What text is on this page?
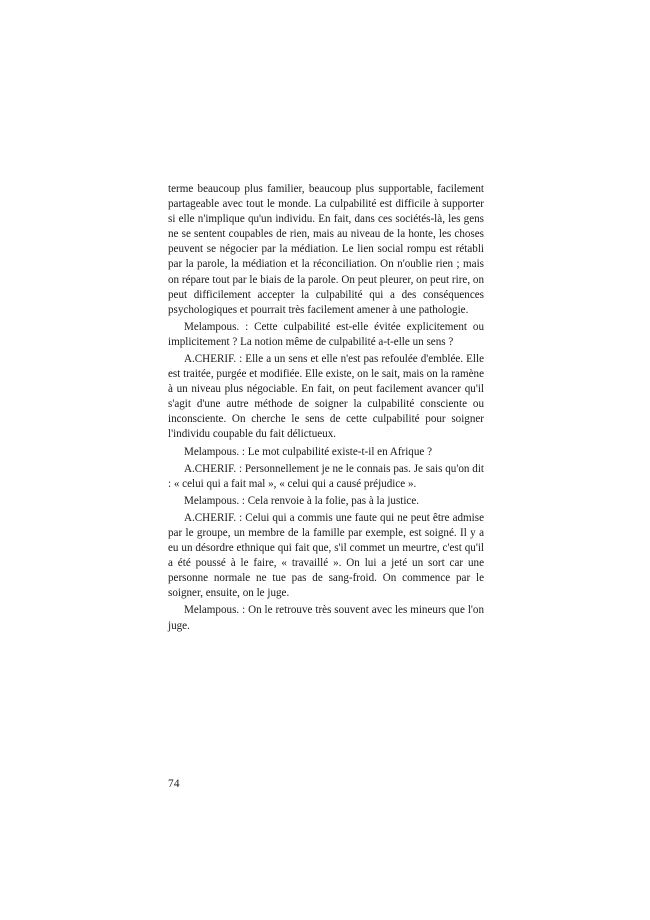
terme beaucoup plus familier, beaucoup plus supportable, facilement partageable avec tout le monde. La culpabilité est difficile à supporter si elle n'implique qu'un individu. En fait, dans ces sociétés-là, les gens ne se sentent coupables de rien, mais au niveau de la honte, les choses peuvent se négocier par la médiation. Le lien social rompu est rétabli par la parole, la médiation et la réconciliation. On n'oublie rien ; mais on répare tout par le biais de la parole. On peut pleurer, on peut rire, on peut difficilement accepter la culpabilité qui a des conséquences psychologiques et pourrait très facilement amener à une pathologie.

Melampous. : Cette culpabilité est-elle évitée explicitement ou implicitement ? La notion même de culpabilité a-t-elle un sens ?

A.CHERIF. : Elle a un sens et elle n'est pas refoulée d'emblée. Elle est traitée, purgée et modifiée. Elle existe, on le sait, mais on la ramène à un niveau plus négociable. En fait, on peut facilement avancer qu'il s'agit d'une autre méthode de soigner la culpabilité consciente ou inconsciente. On cherche le sens de cette culpabilité pour soigner l'individu coupable du fait délictueux.

Melampous. : Le mot culpabilité existe-t-il en Afrique ?

A.CHERIF. : Personnellement je ne le connais pas. Je sais qu'on dit : « celui qui a fait mal », « celui qui a causé préjudice ».

Melampous. : Cela renvoie à la folie, pas à la justice.

A.CHERIF. : Celui qui a commis une faute qui ne peut être admise par le groupe, un membre de la famille par exemple, est soigné. Il y a eu un désordre ethnique qui fait que, s'il commet un meurtre, c'est qu'il a été poussé à le faire, « travaillé ». On lui a jeté un sort car une personne normale ne tue pas de sang-froid. On commence par le soigner, ensuite, on le juge.

Melampous. : On le retrouve très souvent avec les mineurs que l'on juge.

74
